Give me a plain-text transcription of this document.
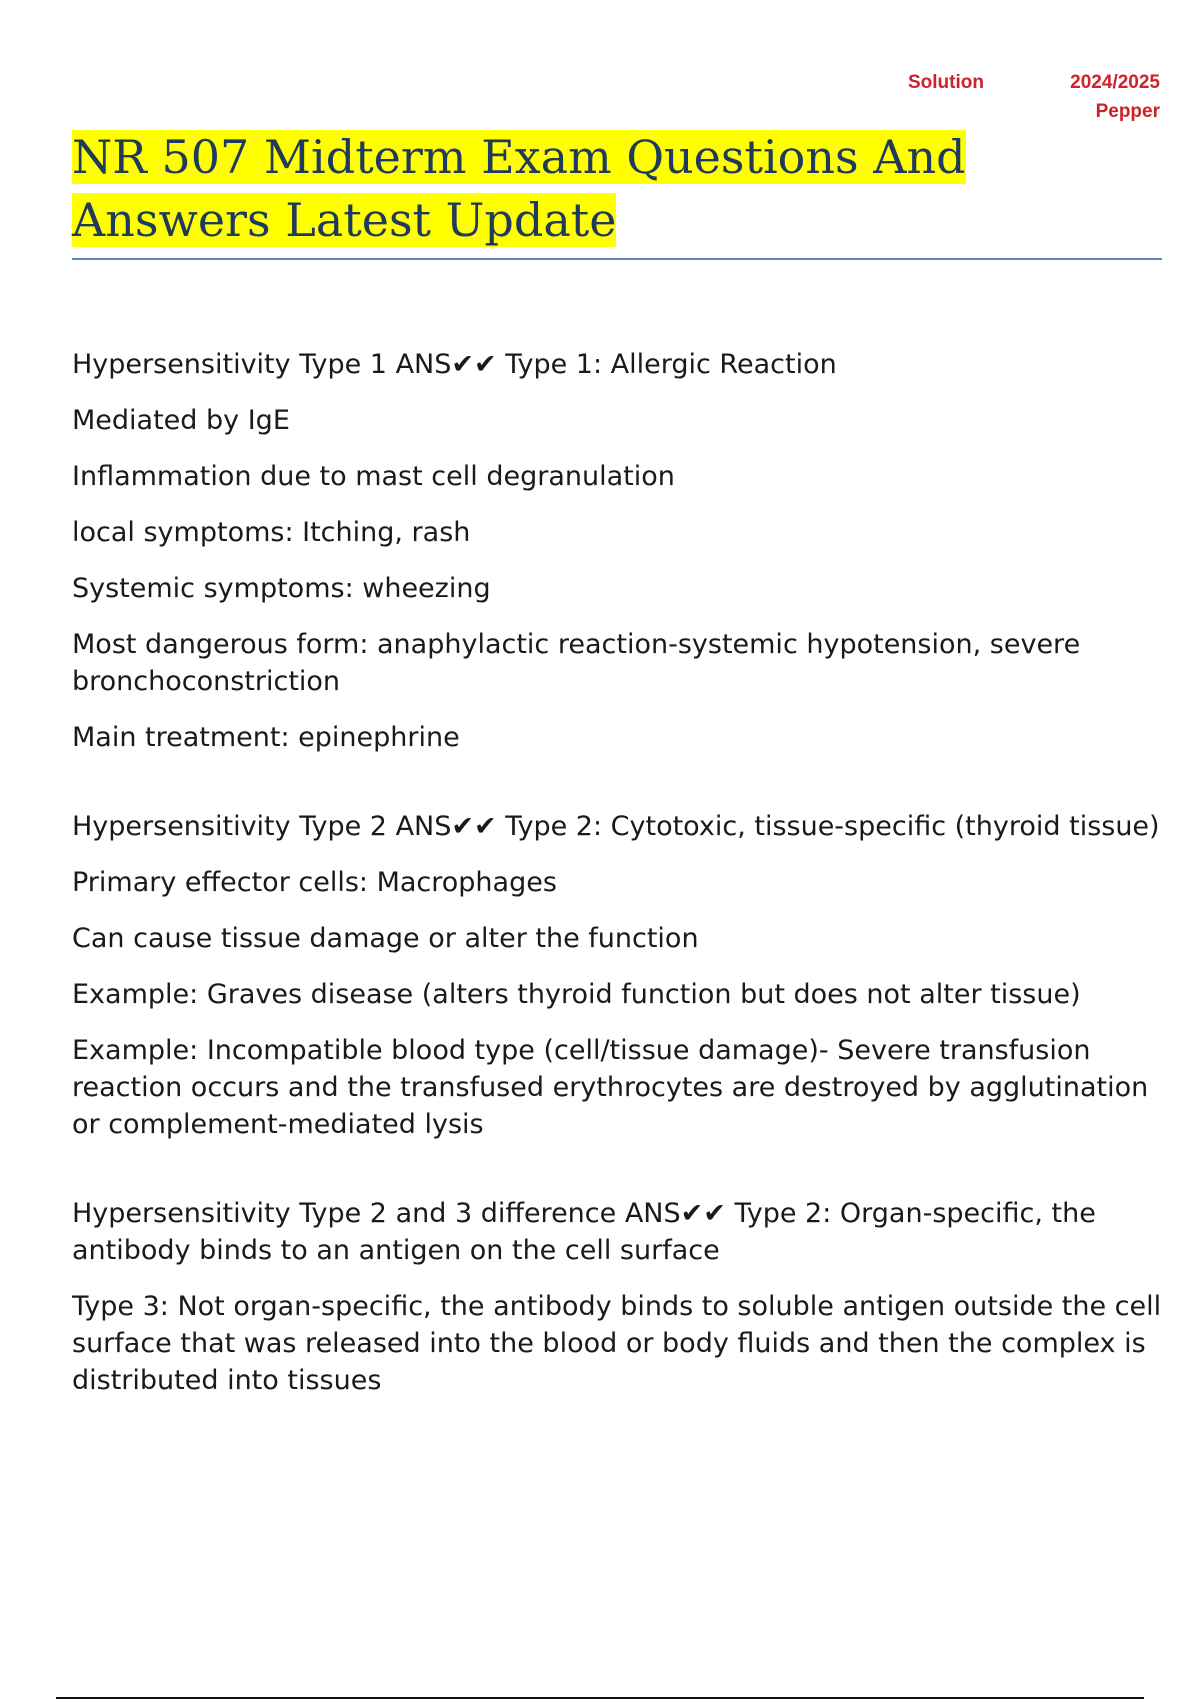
Solution	2024/2025
Pepper
NR 507 Midterm Exam Questions And Answers Latest Update

Hypersensitivity Type 1 ANS✔✔ Type 1: Allergic Reaction

Mediated by IgE

Inflammation due to mast cell degranulation

local symptoms: Itching, rash

Systemic symptoms: wheezing

Most dangerous form: anaphylactic reaction-systemic hypotension, severe bronchoconstriction

Main treatment: epinephrine

Hypersensitivity Type 2 ANS✔✔ Type 2: Cytotoxic, tissue-specific (thyroid tissue)

Primary effector cells: Macrophages

Can cause tissue damage or alter the function

Example: Graves disease (alters thyroid function but does not alter tissue)

Example: Incompatible blood type (cell/tissue damage)- Severe transfusion reaction occurs and the transfused erythrocytes are destroyed by agglutination or complement-mediated lysis

Hypersensitivity Type 2 and 3 difference ANS✔✔ Type 2: Organ-specific, the antibody binds to an antigen on the cell surface

Type 3: Not organ-specific, the antibody binds to soluble antigen outside the cell surface that was released into the blood or body fluids and then the complex is distributed into tissues
